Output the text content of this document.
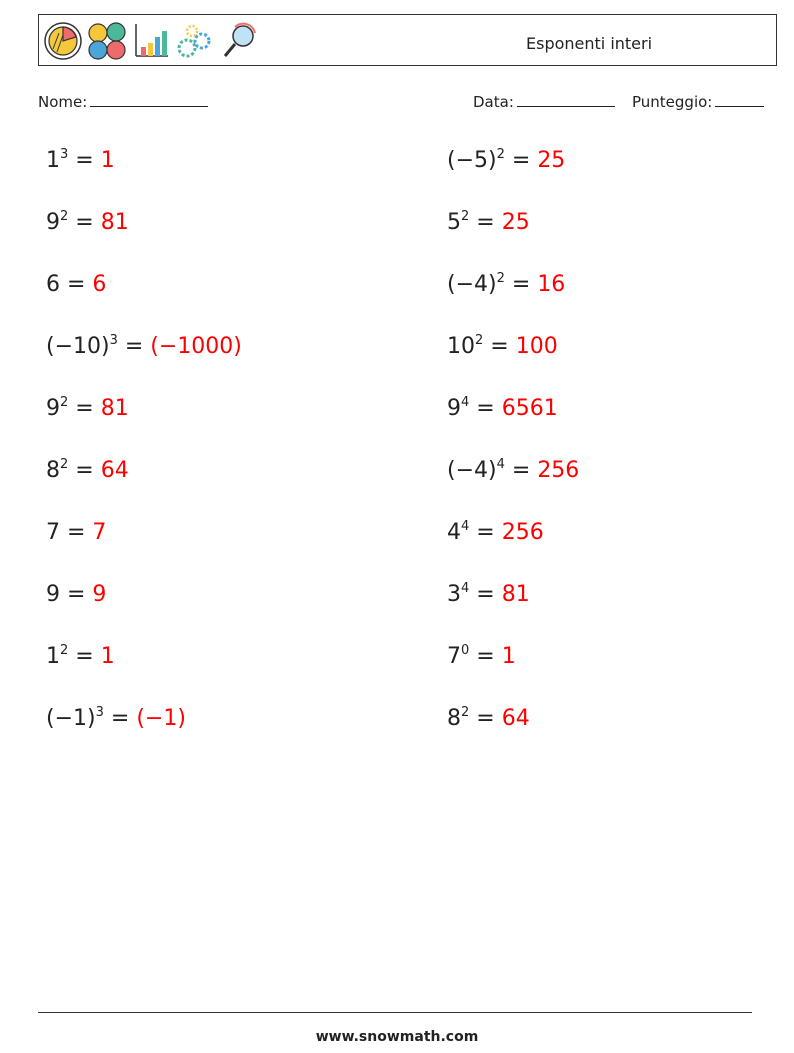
Esponenti interi
Nome:	Data:	Punteggio:
$1^3 = 1$	$(-5)^2 = 25$
$9^2 = 81$	$5^2 = 25$
6 = 6	$(-4)^2 = 16$
$(-10)^3 = (-1000)$	$10^2 = 100$
$9^2 = 81$	$9^4 = 6561$
$8^2 = 64$	$(-4)^4 = 256$
7 = 7	$4^4 = 256$
9 = 9	$3^4 = 81$
$1^2 = 1$	$7^0 = 1$
$(-1)^3 = (-1)$	$8^2 = 64$
www.snowmath.com
